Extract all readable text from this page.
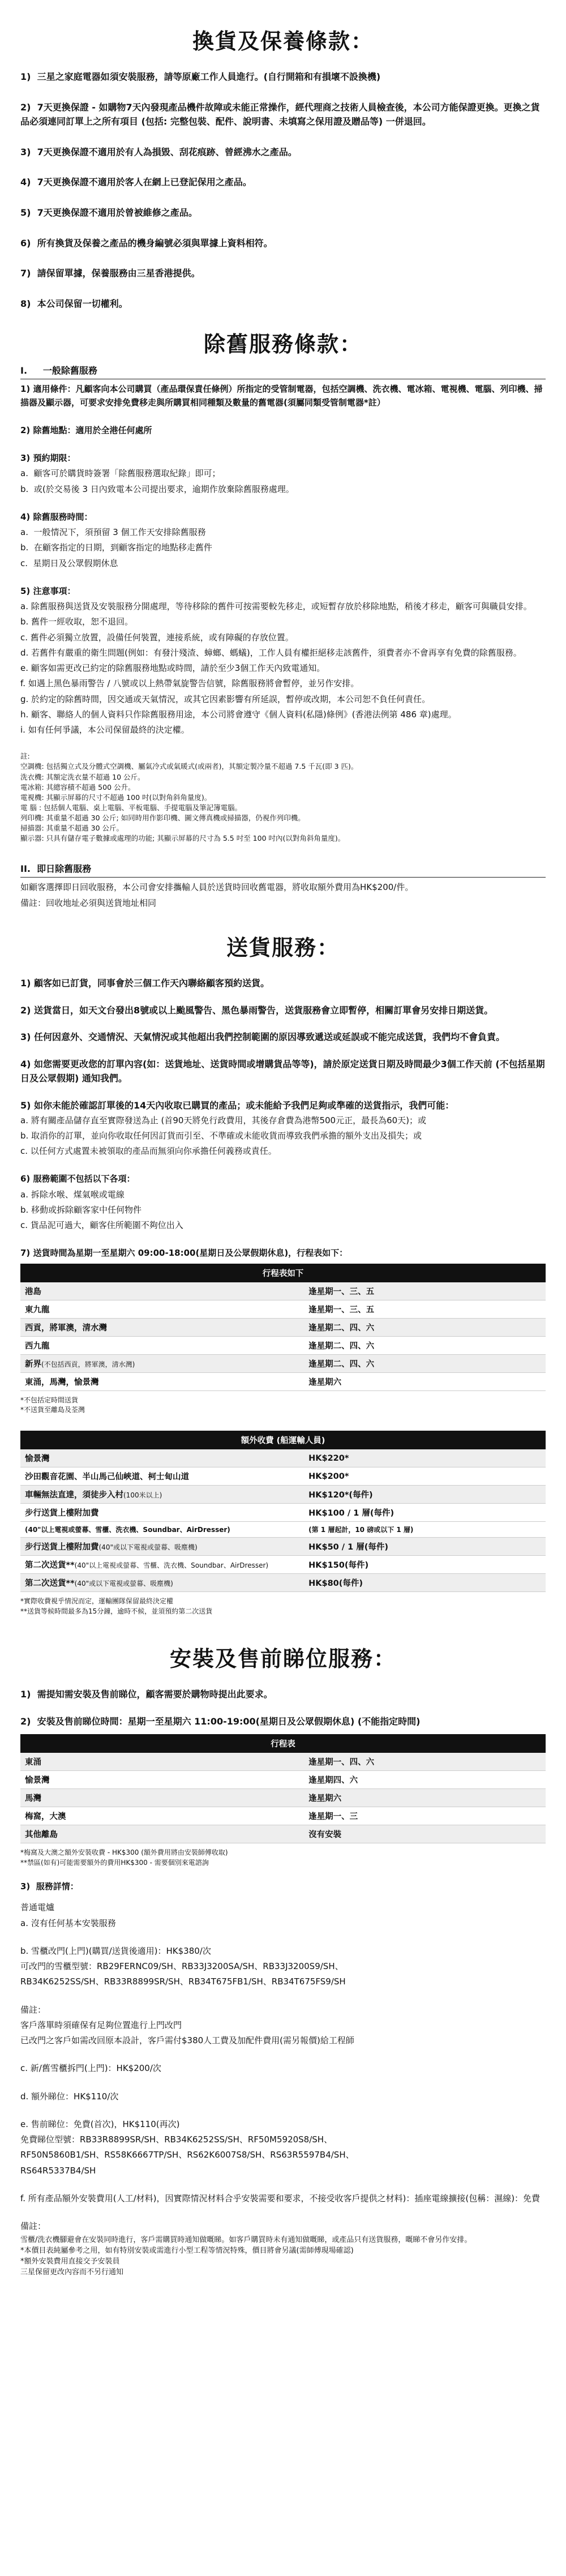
換貨及保養條款：
1)  三星之家庭電器如須安裝服務，請等原廠工作人員進行。(自行開箱和有損壞不設換機)
2)  7天更換保證 - 如購物7天內發現產品機件故障或未能正常操作，經代理商之技術人員檢查後，本公司方能保證更換。更換之貨品必須連同訂單上之所有項目 (包括: 完整包裝、配件、說明書、未填寫之保用證及贈品等) 一併退回。
3)  7天更換保證不適用於有人為損毀、刮花痕跡、曾經沸水之產品。
4)  7天更換保證不適用於客人在網上已登記保用之產品。
5)  7天更換保證不適用於曾被維修之產品。
6)  所有換貨及保養之產品的機身編號必須與單據上資料相符。
7)  請保留單據，保養服務由三星香港提供。
8)  本公司保留一切權利。
除舊服務條款：
I.     一般除舊服務
1) 適用條件：凡顧客向本公司購買（產品環保責任條例）所指定的受管制電器，包括空調機、洗衣機、電冰箱、電視機、電腦、列印機、掃描器及顯示器，可要求安排免費移走與所購買相同種類及數量的舊電器(須屬同類受管制電器*註）
2) 除舊地點：適用於全港任何處所
3) 預約期限：
a.  顧客可於購貨時簽署「除舊服務選取紀錄」即可；
b.  或(於交易後 3 日內致電本公司提出要求，逾期作放棄除舊服務處理。
4) 除舊服務時間：
a.  一般情況下，須預留 3 個工作天安排除舊服務
b.  在顧客指定的日期，到顧客指定的地點移走舊件
c.  星期日及公眾假期休息
5) 注意事項：
a. 除舊服務與送貨及安裝服務分開處理，等待移除的舊件可按需要較先移走，或短暫存放於移除地點，稍後才移走，顧客可與職員安排。
b. 舊件一經收取，恕不退回。
c. 舊件必須獨立放置，設備任何裝置，連接系統，或有障礙的存放位置。
d. 若舊件有嚴重的衛生問題(例如：有發汁殘渣、蟑螂、螞蟻)，工作人員有權拒絕移走該舊件，須費者亦不會再享有免費的除舊服務。
e. 顧客如需更改已約定的除舊服務地點或時間，請於至少3個工作天內致電通知。
f. 如遇上黑色暴雨警告 / 八號或以上熱帶氣旋警告信號，除舊服務將會暫停，並另作安排。
g. 於約定的除舊時間，因交通或天氣情況，或其它因素影響有所延誤，暫停或改期，本公司恕不負任何責任。
h. 顧客、聯絡人的個人資料只作除舊服務用途，本公司將會遵守《個人資料(私隱)條例》(香港法例第 486 章)處理。
i. 如有任何爭議，本公司保留最終的決定權。
註:
空調機: 包括獨立式及分體式空調機、屬氣冷式或氣暖式(或兩者)，其額定製冷量不超過 7.5 千瓦(即 3 匹)。
洗衣機: 其額定洗衣量不超過 10 公斤。
電冰箱: 其總容積不超過 500 公升。
電視機: 其顯示屏幕的尺寸不超過 100 吋(以對角斜角量度)。
電 腦 : 包括個人電腦、桌上電腦、平板電腦、手提電腦及筆記簿電腦。
列印機: 其重量不超過 30 公斤; 如同時用作影印機、圖文傳真機或掃描器，仍視作列印機。
掃描器: 其重量不超過 30 公斤。
顯示器: 只具有儲存電子數據或處理的功能; 其顯示屏幕的尺寸為 5.5 吋至 100 吋內(以對角斜角量度)。
II.  即日除舊服務
如顧客選擇即日回收服務，本公司會安排攜輸人員於送貨時回收舊電器，將收取額外費用為HK$200/件。
備註：回收地址必須與送貨地址相同
送貨服務：
1) 顧客如已訂貨，同事會於三個工作天內聯絡顧客預約送貨。
2) 送貨當日，如天文台發出8號或以上颱風警告、黑色暴雨警告，送貨服務會立即暫停，相關訂單會另安排日期送貨。
3) 任何因意外、交通情況、天氣情況或其他超出我們控制範圍的原因導致遞送或延誤或不能完成送貨，我們均不會負責。
4) 如您需要更改您的訂單內容(如：送貨地址、送貨時間或增購貨品等等)，請於原定送貨日期及時間最少3個工作天前 (不包括星期日及公眾假期) 通知我們。
5) 如你未能於確認訂單後的14天內收取已購買的產品；或未能給予我們足夠或準確的送貨指示，我們可能：
a. 將有關產品儲存直至實際發送為止 (首90天將免行政費用，其後存倉費為港幣500元正，最長為60天)；或
b. 取消你的訂單，並向你收取任何因訂貨而引至、不準確或未能收貨而導致我們承擔的額外支出及損失；或
c. 以任何方式處置未被領取的產品而無須向你承擔任何義務或責任。
6) 服務範圍不包括以下各項：
a. 拆除水喉、煤氣喉或電線
b. 移動或拆除顧客家中任何物件
c. 貨品泥可過大，顧客住所範圍不夠位出入
7) 送貨時間為星期一至星期六 09:00-18:00(星期日及公眾假期休息)，行程表如下：
行程表如下	
港島	逢星期一、三、五
東九龍	逢星期一、三、五
西貢，將軍澳，清水灣	逢星期二、四、六
西九龍	逢星期二、四、六
新界(不包括西貢，將軍澳，清水灣)	逢星期二、四、六
東涌，馬灣，愉景灣	逢星期六
*不包括定時間送貨
*不送貨至離島及荃灣
額外收費 (船運輸人員)	
愉景灣	HK$220*
沙田觀音花園、半山馬己仙峽道、柯士甸山道	HK$200*
車輛無法直達，須徒步入村(100米以上)	HK$120*(每件)
步行送貨上樓附加費	HK$100 / 1 層(每件)
(40"以上電視或螢幕、雪櫃、洗衣機、Soundbar、AirDresser)	(第 1 層起計，10 磅或以下 1 層)
步行送貨上樓附加費(40"或以下電視或螢幕、吸塵機)	HK$50 / 1 層(每件)
第二次送貨**(40"以上電視或螢幕、雪櫃、洗衣機、Soundbar、AirDresser)	HK$150(每件)
第二次送貨**(40"或以下電視或螢幕、吸塵機)	HK$80(每件)
*實際收費視乎情況而定，運輸團隊保留最終決定權
**送貨等候時間最多為15分鐘，逾時不候，並須預約第二次送貨
安裝及售前睇位服務：
1)  需提知需安裝及售前睇位，顧客需要於購物時提出此要求。
2)  安裝及售前睇位時間：星期一至星期六 11:00-19:00(星期日及公眾假期休息) (不能指定時間)
行程表	
東涌	逢星期一、四、六
愉景灣	逢星期四、六
馬灣	逢星期六
梅窩，大澳	逢星期一、三
其他離島	沒有安裝
*梅窩及大澳之額外安裝收費 - HK$300 (額外費用將由安裝師傅收取)
**禁區(如有)可能需要額外的費用HK$300 - 需要個別來電諮詢
3)  服務詳情：
普通電爐
a. 沒有任何基本安裝服務
b. 雪櫃改門(上門)(購買/送貨後適用)：HK$380/次
可改門的雪櫃型號：RB29FERNC09/SH、RB33J3200SA/SH、RB33J3200S9/SH、
RB34K6252SS/SH、RB33R8899SR/SH、RB34T675FB1/SH、RB34T675FS9/SH
備註：
客戶落單時須確保有足夠位置進行上門改門
已改門之客戶如需改回原本設計，客戶需付$380人工費及加配件費用(需另報價)給工程師
c. 新/舊雪櫃拆門(上門)：HK$200/次
d. 額外睇位：HK$110/次
e. 售前睇位：免費(首次)，HK$110(再次)
免費睇位型號：RB33R8899SR/SH、RB34K6252SS/SH、RF50M5920S8/SH、
RF50N5860B1/SH、RS58K6667TP/SH、RS62K6007S8/SH、RS63R5597B4/SH、
RS64R5337B4/SH
f. 所有產品額外安裝費用(人工/材料)，因實際情況材料合乎安裝需要和要求，不接受收客戶提供之材料)：插座電線擴接(包稱：濕線)：免費
備註：
雪櫃/洗衣機腳避會在安裝同時進行，客戶需購買時通知做嘅睇。如客戶購買時未有通知做嘅睇，或產品只有送貨服務，嘅睇不會另作安排。
*本價目表純屬參考之用，如有特別安裝或需進行小型工程等情況特殊，價目將會另議(需師傅現場確認)
*額外安裝費用直接交予安裝員
三星保留更改內容而不另行通知
